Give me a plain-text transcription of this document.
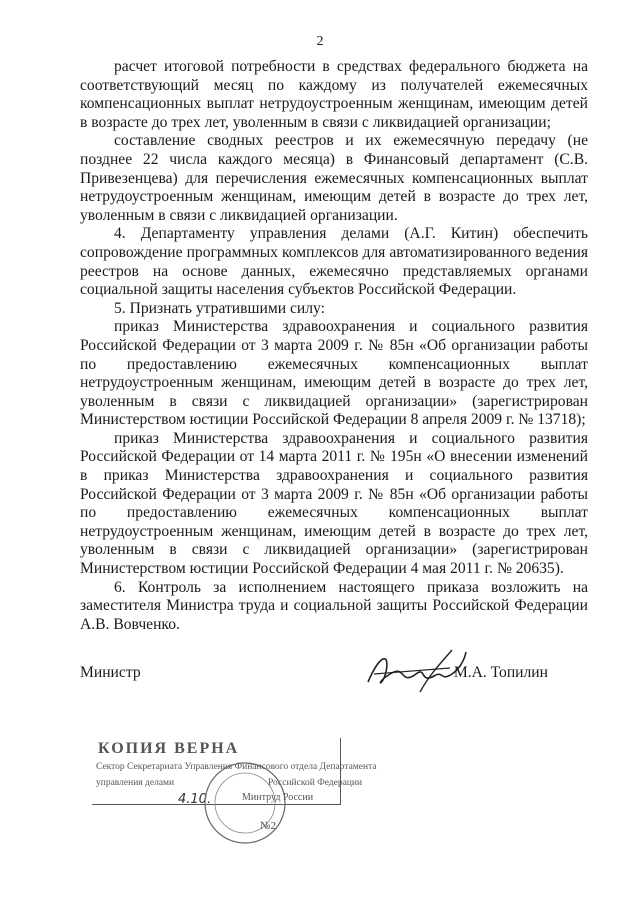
2

расчет итоговой потребности в средствах федерального бюджета на соответствующий месяц по каждому из получателей ежемесячных компенсационных выплат нетрудоустроенным женщинам, имеющим детей в возрасте до трех лет, уволенным в связи с ликвидацией организации;

составление сводных реестров и их ежемесячную передачу (не позднее 22 числа каждого месяца) в Финансовый департамент (С.В. Привезенцева) для перечисления ежемесячных компенсационных выплат нетрудоустроенным женщинам, имеющим детей в возрасте до трех лет, уволенным в связи с ликвидацией организации.

4. Департаменту управления делами (А.Г. Китин) обеспечить сопровождение программных комплексов для автоматизированного ведения реестров на основе данных, ежемесячно представляемых органами социальной защиты населения субъектов Российской Федерации.

5. Признать утратившими силу:

приказ Министерства здравоохранения и социального развития Российской Федерации от 3 марта 2009 г. № 85н «Об организации работы по предоставлению ежемесячных компенсационных выплат нетрудоустроенным женщинам, имеющим детей в возрасте до трех лет, уволенным в связи с ликвидацией организации» (зарегистрирован Министерством юстиции Российской Федерации 8 апреля 2009 г. № 13718);

приказ Министерства здравоохранения и социального развития Российской Федерации от 14 марта 2011 г. № 195н «О внесении изменений в приказ Министерства здравоохранения и социального развития Российской Федерации от 3 марта 2009 г. № 85н «Об организации работы по предоставлению ежемесячных компенсационных выплат нетрудоустроенным женщинам, имеющим детей в возрасте до трех лет, уволенным в связи с ликвидацией организации» (зарегистрирован Министерством юстиции Российской Федерации 4 мая 2011 г. № 20635).

6. Контроль за исполнением настоящего приказа возложить на заместителя Министра труда и социальной защиты Российской Федерации А.В. Вовченко.

Министр	М.А. Топилин
КОПИЯ ВЕРНА
Сектор Секретариата Управления Финансового отдела Департамента
управления делами	Российской Федерации
4.10.	Минтруд России
№2
